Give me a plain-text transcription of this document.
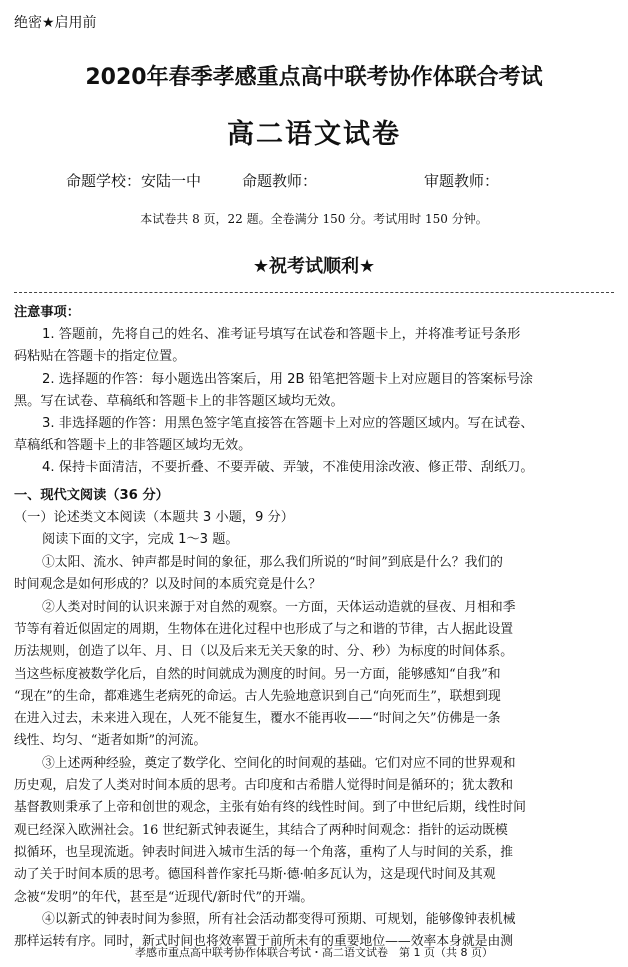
绝密★启用前
2020年春季孝感重点高中联考协作体联合考试
高二语文试卷
命题学校：安陆一中	命题教师：	审题教师：
本试卷共 8 页，22 题。全卷满分 150 分。考试用时 150 分钟。
★祝考试顺利★
注意事项：
1. 答题前，先将自己的姓名、准考证号填写在试卷和答题卡上，并将准考证号条形
码粘贴在答题卡的指定位置。
2. 选择题的作答：每小题选出答案后，用 2B 铅笔把答题卡上对应题目的答案标号涂
黑。写在试卷、草稿纸和答题卡上的非答题区域均无效。
3. 非选择题的作答：用黑色签字笔直接答在答题卡上对应的答题区域内。写在试卷、
草稿纸和答题卡上的非答题区域均无效。
4. 保持卡面清洁，不要折叠、不要弄破、弄皱，不准使用涂改液、修正带、刮纸刀。
一、现代文阅读（36 分）
（一）论述类文本阅读（本题共 3 小题，9 分）
阅读下面的文字，完成 1～3 题。
①太阳、流水、钟声都是时间的象征，那么我们所说的“时间”到底是什么？我们的
时间观念是如何形成的？以及时间的本质究竟是什么？
②人类对时间的认识来源于对自然的观察。一方面，天体运动造就的昼夜、月相和季
节等有着近似固定的周期，生物体在进化过程中也形成了与之和谐的节律，古人据此设置
历法规则，创造了以年、月、日（以及后来无关天象的时、分、秒）为标度的时间体系。
当这些标度被数学化后，自然的时间就成为测度的时间。另一方面，能够感知“自我”和
“现在”的生命，都难逃生老病死的命运。古人先验地意识到自己“向死而生”，联想到现
在进入过去，未来进入现在，人死不能复生，覆水不能再收——“时间之矢”仿佛是一条
线性、均匀、“逝者如斯”的河流。
③上述两种经验，奠定了数学化、空间化的时间观的基础。它们对应不同的世界观和
历史观，启发了人类对时间本质的思考。古印度和古希腊人觉得时间是循环的；犹太教和
基督教则秉承了上帝和创世的观念，主张有始有终的线性时间。到了中世纪后期，线性时间
观已经深入欧洲社会。16 世纪新式钟表诞生，其结合了两种时间观念：指针的运动既模
拟循环，也呈现流逝。钟表时间进入城市生活的每一个角落，重构了人与时间的关系，推
动了关于时间本质的思考。德国科普作家托马斯·德·帕多瓦认为，这是现代时间及其观
念被“发明”的年代，甚至是“近现代/新时代”的开端。
④以新式的钟表时间为参照，所有社会活动都变得可预期、可规划，能够像钟表机械
那样运转有序。同时，新式时间也将效率置于前所未有的重要地位——效率本身就是由测
孝感市重点高中联考协作体联合考试・高二语文试卷　第 1 页（共 8 页）
